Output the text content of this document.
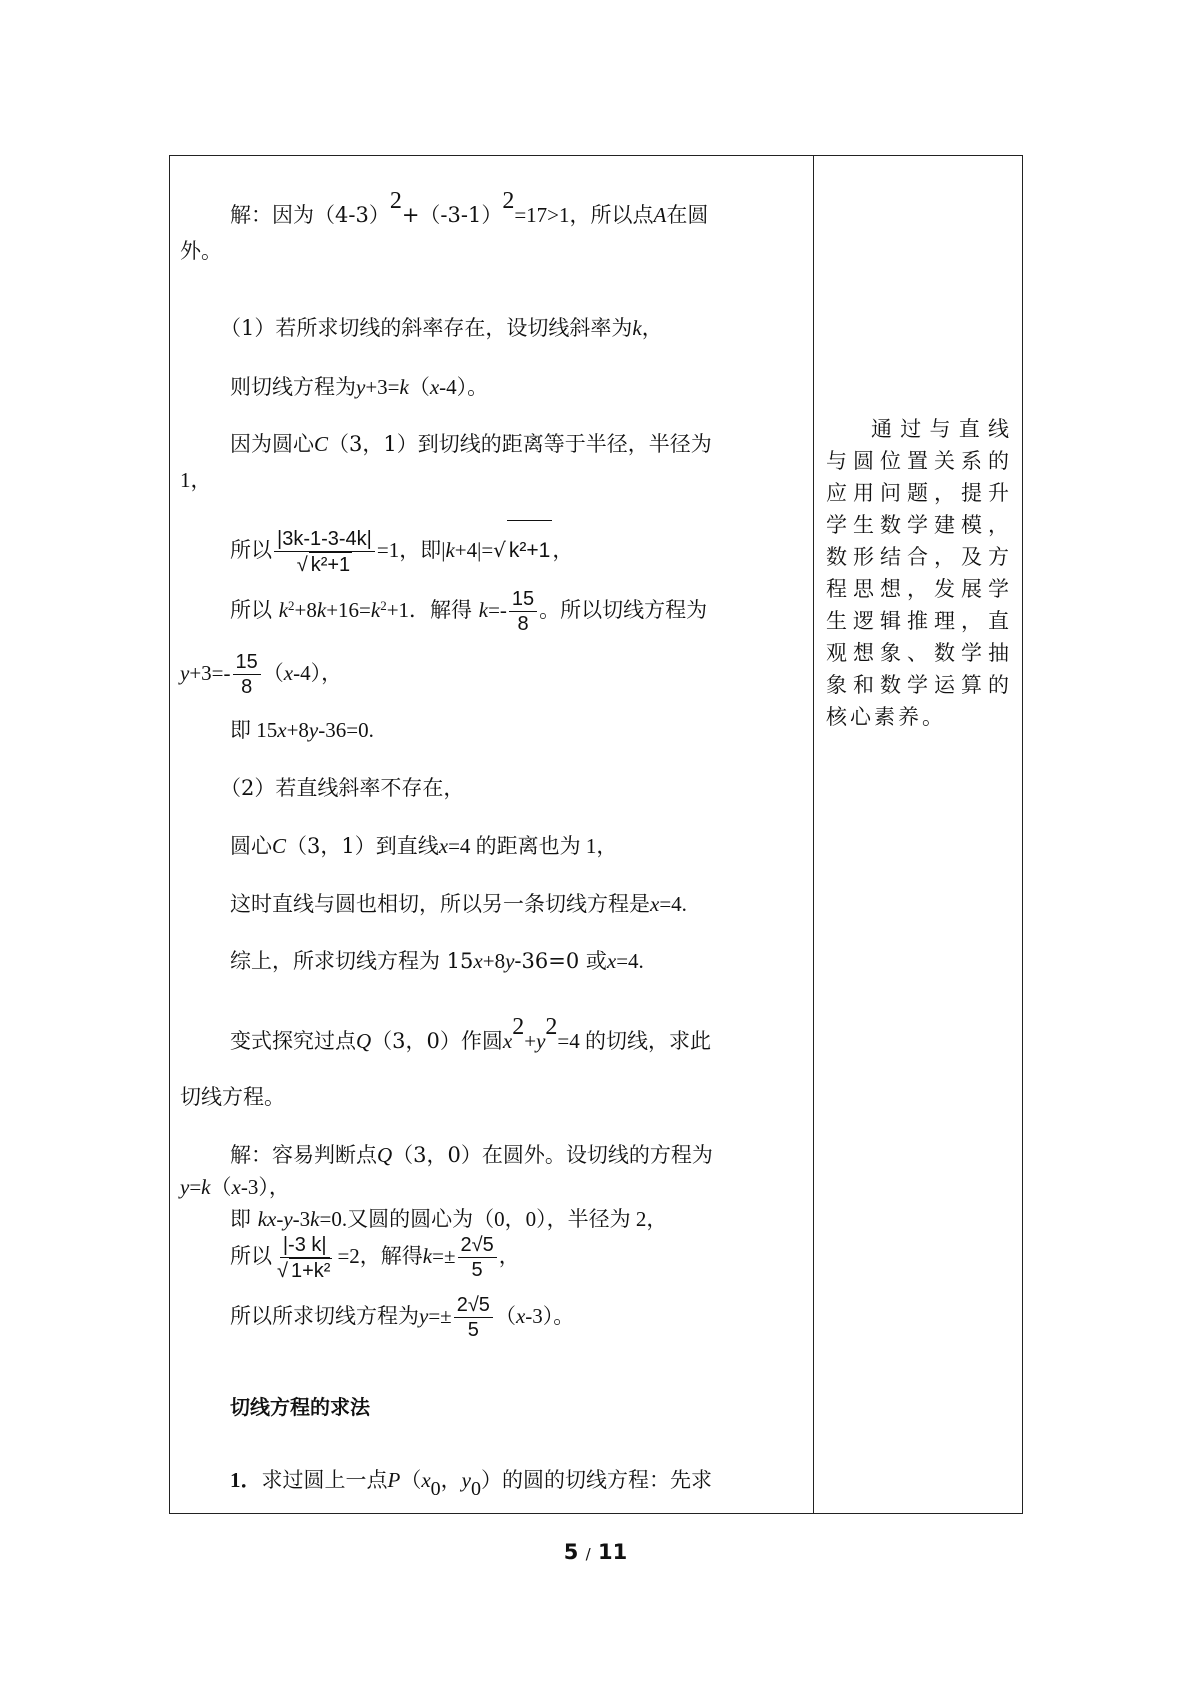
解：因为（4-3）2+（-3-1）2=17>1，所以点A在圆
外。
（1）若所求切线的斜率存在，设切线斜率为k，
则切线方程为y+3=k（x-4）。
因为圆心C（3，1）到切线的距离等于半径，半径为
1，
所以 $\frac{|3k-1-3-4k|}{\text{√ k²+1}} =1$，即|k+4|=√ k²+1，
所以 $k^2+8k+16=k^2+1$．解得 $k=- \frac{15}{8}$ 。所以切线方程为
$y+3=- \frac{15}{8} (x-4)$，
即 15x+8y-36=0.
（2）若直线斜率不存在，
圆心C（3，1）到直线x=4 的距离也为 1，
这时直线与圆也相切，所以另一条切线方程是x=4.
综上，所求切线方程为 15x+8y-36=0 或x=4.
变式探究过点Q（3，0）作圆x2+y2=4 的切线，求此
切线方程。
解：容易判断点Q（3，0）在圆外。设切线的方程为
y=k（x-3），
即 kx-y-3k=0.又圆的圆心为（0，0），半径为 2，
所以 $\frac{|-3 k|}{\text{√ 1+k²}} =2$，解得$k=\pm \frac{2√5}{5}$ ，
所以所求切线方程为$y=\pm \frac{2√5}{5} (x-3)$。
切线方程的求法
1．求过圆上一点$P(x_0$，$y_0$）的圆的切线方程：先求
通过与直线
与圆位置关系的
应用问题，提升
学生数学建模，
数形结合，及方
程思想，发展学
生逻辑推理，直
观想象、数学抽
象和数学运算的
核心素养。
5 / 11
